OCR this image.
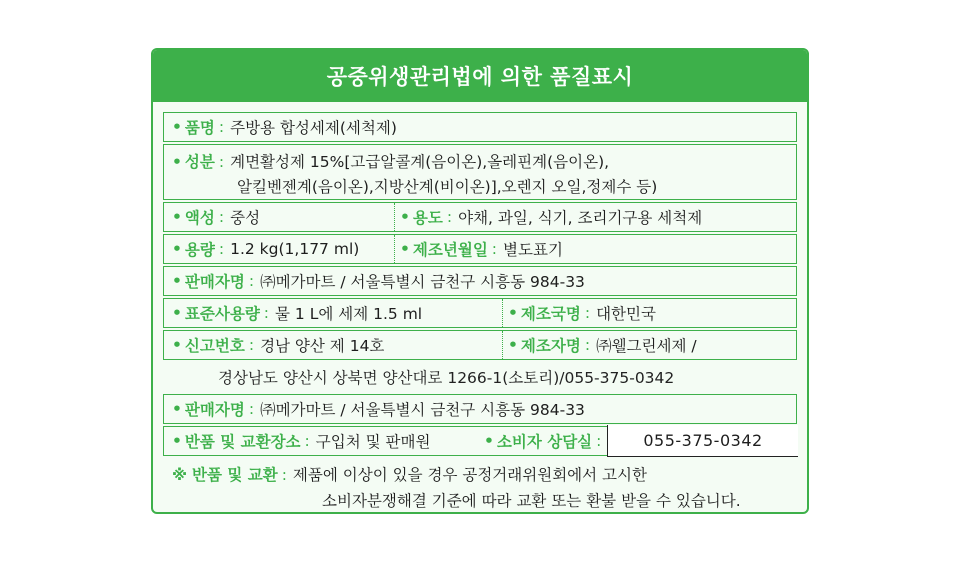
공중위생관리법에 의한 품질표시
• 품명 : 주방용 합성세제(세척제)
• 성분 : 계면활성제 15%[고급알콜계(음이온),올레핀계(음이온),
알킬벤젠계(음이온),지방산계(비이온)],오렌지 오일,정제수 등)
• 액성 : 중성	• 용도 : 야채, 과일, 식기, 조리기구용 세척제
• 용량 : 1.2 kg(1,177 ml)	• 제조년월일 : 별도표기
• 판매자명 : ㈜메가마트 / 서울특별시 금천구 시흥동 984-33
• 표준사용량 : 물 1 L에 세제 1.5 ml	• 제조국명 : 대한민국
• 신고번호 : 경남 양산 제 14호	• 제조자명 : ㈜웰그린세제 /
경상남도 양산시 상북면 양산대로 1266-1(소토리)/055-375-0342
• 판매자명 : ㈜메가마트 / 서울특별시 금천구 시흥동 984-33
• 반품 및 교환장소 : 구입처 및 판매원	• 소비자 상담실 :	055-375-0342
※ 반품 및 교환 : 제품에 이상이 있을 경우 공정거래위원회에서 고시한
소비자분쟁해결 기준에 따라 교환 또는 환불 받을 수 있습니다.
